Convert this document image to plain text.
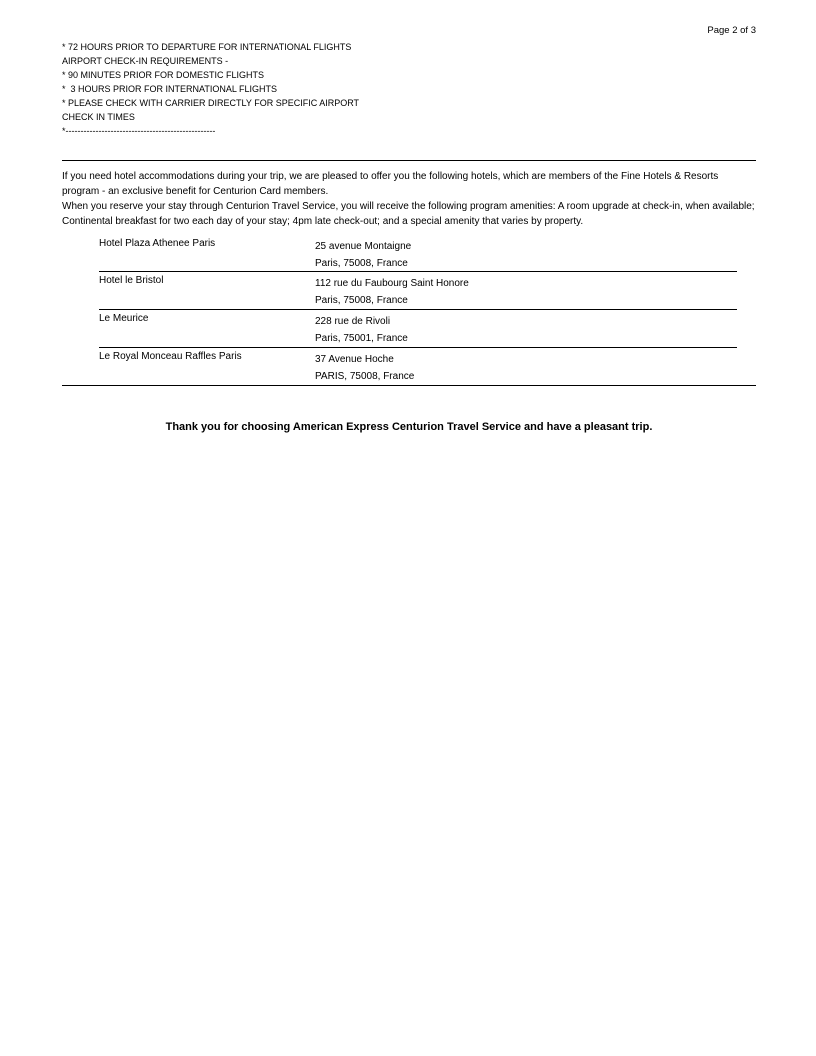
Page 2 of 3
* 72 HOURS PRIOR TO DEPARTURE FOR INTERNATIONAL FLIGHTS
AIRPORT CHECK-IN REQUIREMENTS -
* 90 MINUTES PRIOR FOR DOMESTIC FLIGHTS
*  3 HOURS PRIOR FOR INTERNATIONAL FLIGHTS
* PLEASE CHECK WITH CARRIER DIRECTLY FOR SPECIFIC AIRPORT
CHECK IN TIMES
*--------------------------------------------------
If you need hotel accommodations during your trip, we are pleased to offer you the following hotels, which are members of the Fine Hotels & Resorts program - an exclusive benefit for Centurion Card members.
When you reserve your stay through Centurion Travel Service, you will receive the following program amenities: A room upgrade at check-in, when available; Continental breakfast for two each day of your stay; 4pm late check-out; and a special amenity that varies by property.
Hotel Plaza Athenee Paris	25 avenue Montaigne
Paris, 75008, France
Hotel le Bristol	112 rue du Faubourg Saint Honore
Paris, 75008, France
Le Meurice	228 rue de Rivoli
Paris, 75001, France
Le Royal Monceau Raffles Paris	37 Avenue Hoche
PARIS, 75008, France
Thank you for choosing American Express Centurion Travel Service and have a pleasant trip.
